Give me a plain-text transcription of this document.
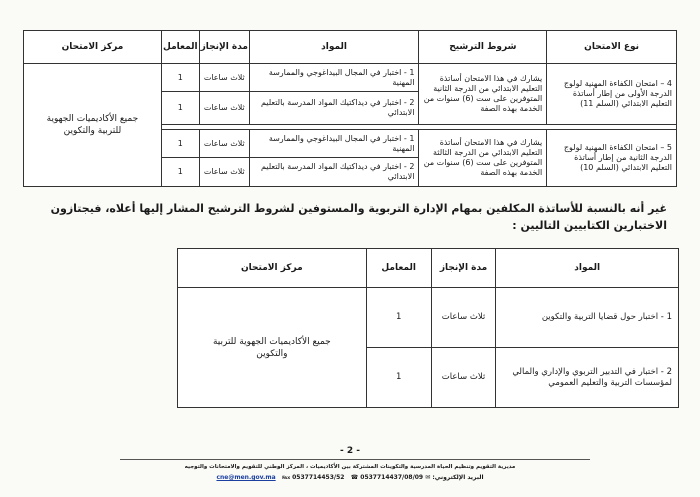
نوع الامتحان	شروط الترشيح	المواد	مدة الإنجاز	المعامل	مركز الامتحان
4 – امتحان الكفاءة المهنية لولوج الدرجة الأولى من إطار أساتذة التعليم الابتدائي (السلم 11)	يشارك في هذا الامتحان أساتذة التعليم الابتدائي من الدرجة الثانية المتوفرين على ست (6) سنوات من الخدمة بهذه الصفة	1 - اختبار في المجال البيداغوجي والممارسة المهنية	ثلاث ساعات	1	جميع الأكاديميات الجهوية للتربية والتكوين
		2 - اختبار في ديداكتيك المواد المدرسة بالتعليم الابتدائي	ثلاث ساعات	1	

5 – امتحان الكفاءة المهنية لولوج الدرجة الثانية من إطار أساتذة التعليم الابتدائي (السلم 10)	يشارك في هذا الامتحان أساتذة التعليم الابتدائي من الدرجة الثالثة المتوفرين على ست (6) سنوات من الخدمة بهذه الصفة	1 - اختبار في المجال البيداغوجي والممارسة المهنية	ثلاث ساعات	1	
		2 - اختبار في ديداكتيك المواد المدرسة بالتعليم الابتدائي	ثلاث ساعات	1	
غير أنه بالنسبة للأساتذة المكلفين بمهام الإدارة التربوية والمستوفين لشروط الترشيح المشار إليها أعلاه، فيجتازون الاختبارين الكتابيين التاليين :
المواد	مدة الإنجاز	المعامل	مركز الامتحان
1 - اختبار حول قضايا التربية والتكوين	ثلاث ساعات	1	جميع الأكاديميات الجهوية للتربية والتكوين
2 - اختبار في التدبير التربوي والإداري والمالي لمؤسسات التربية والتعليم العمومي	ثلاث ساعات	1	
- 2 -
مديرية التقويم وتنظيم الحياة المدرسية والتكوينات المشتركة بين الأكاديميات ، المركز الوطني للتقويم والامتحانات والتوجيه
البريد الإلكتروني: ✉ cne@men.gov.ma ℻ 0537714453/52 ☎ 0537714437/08/09
